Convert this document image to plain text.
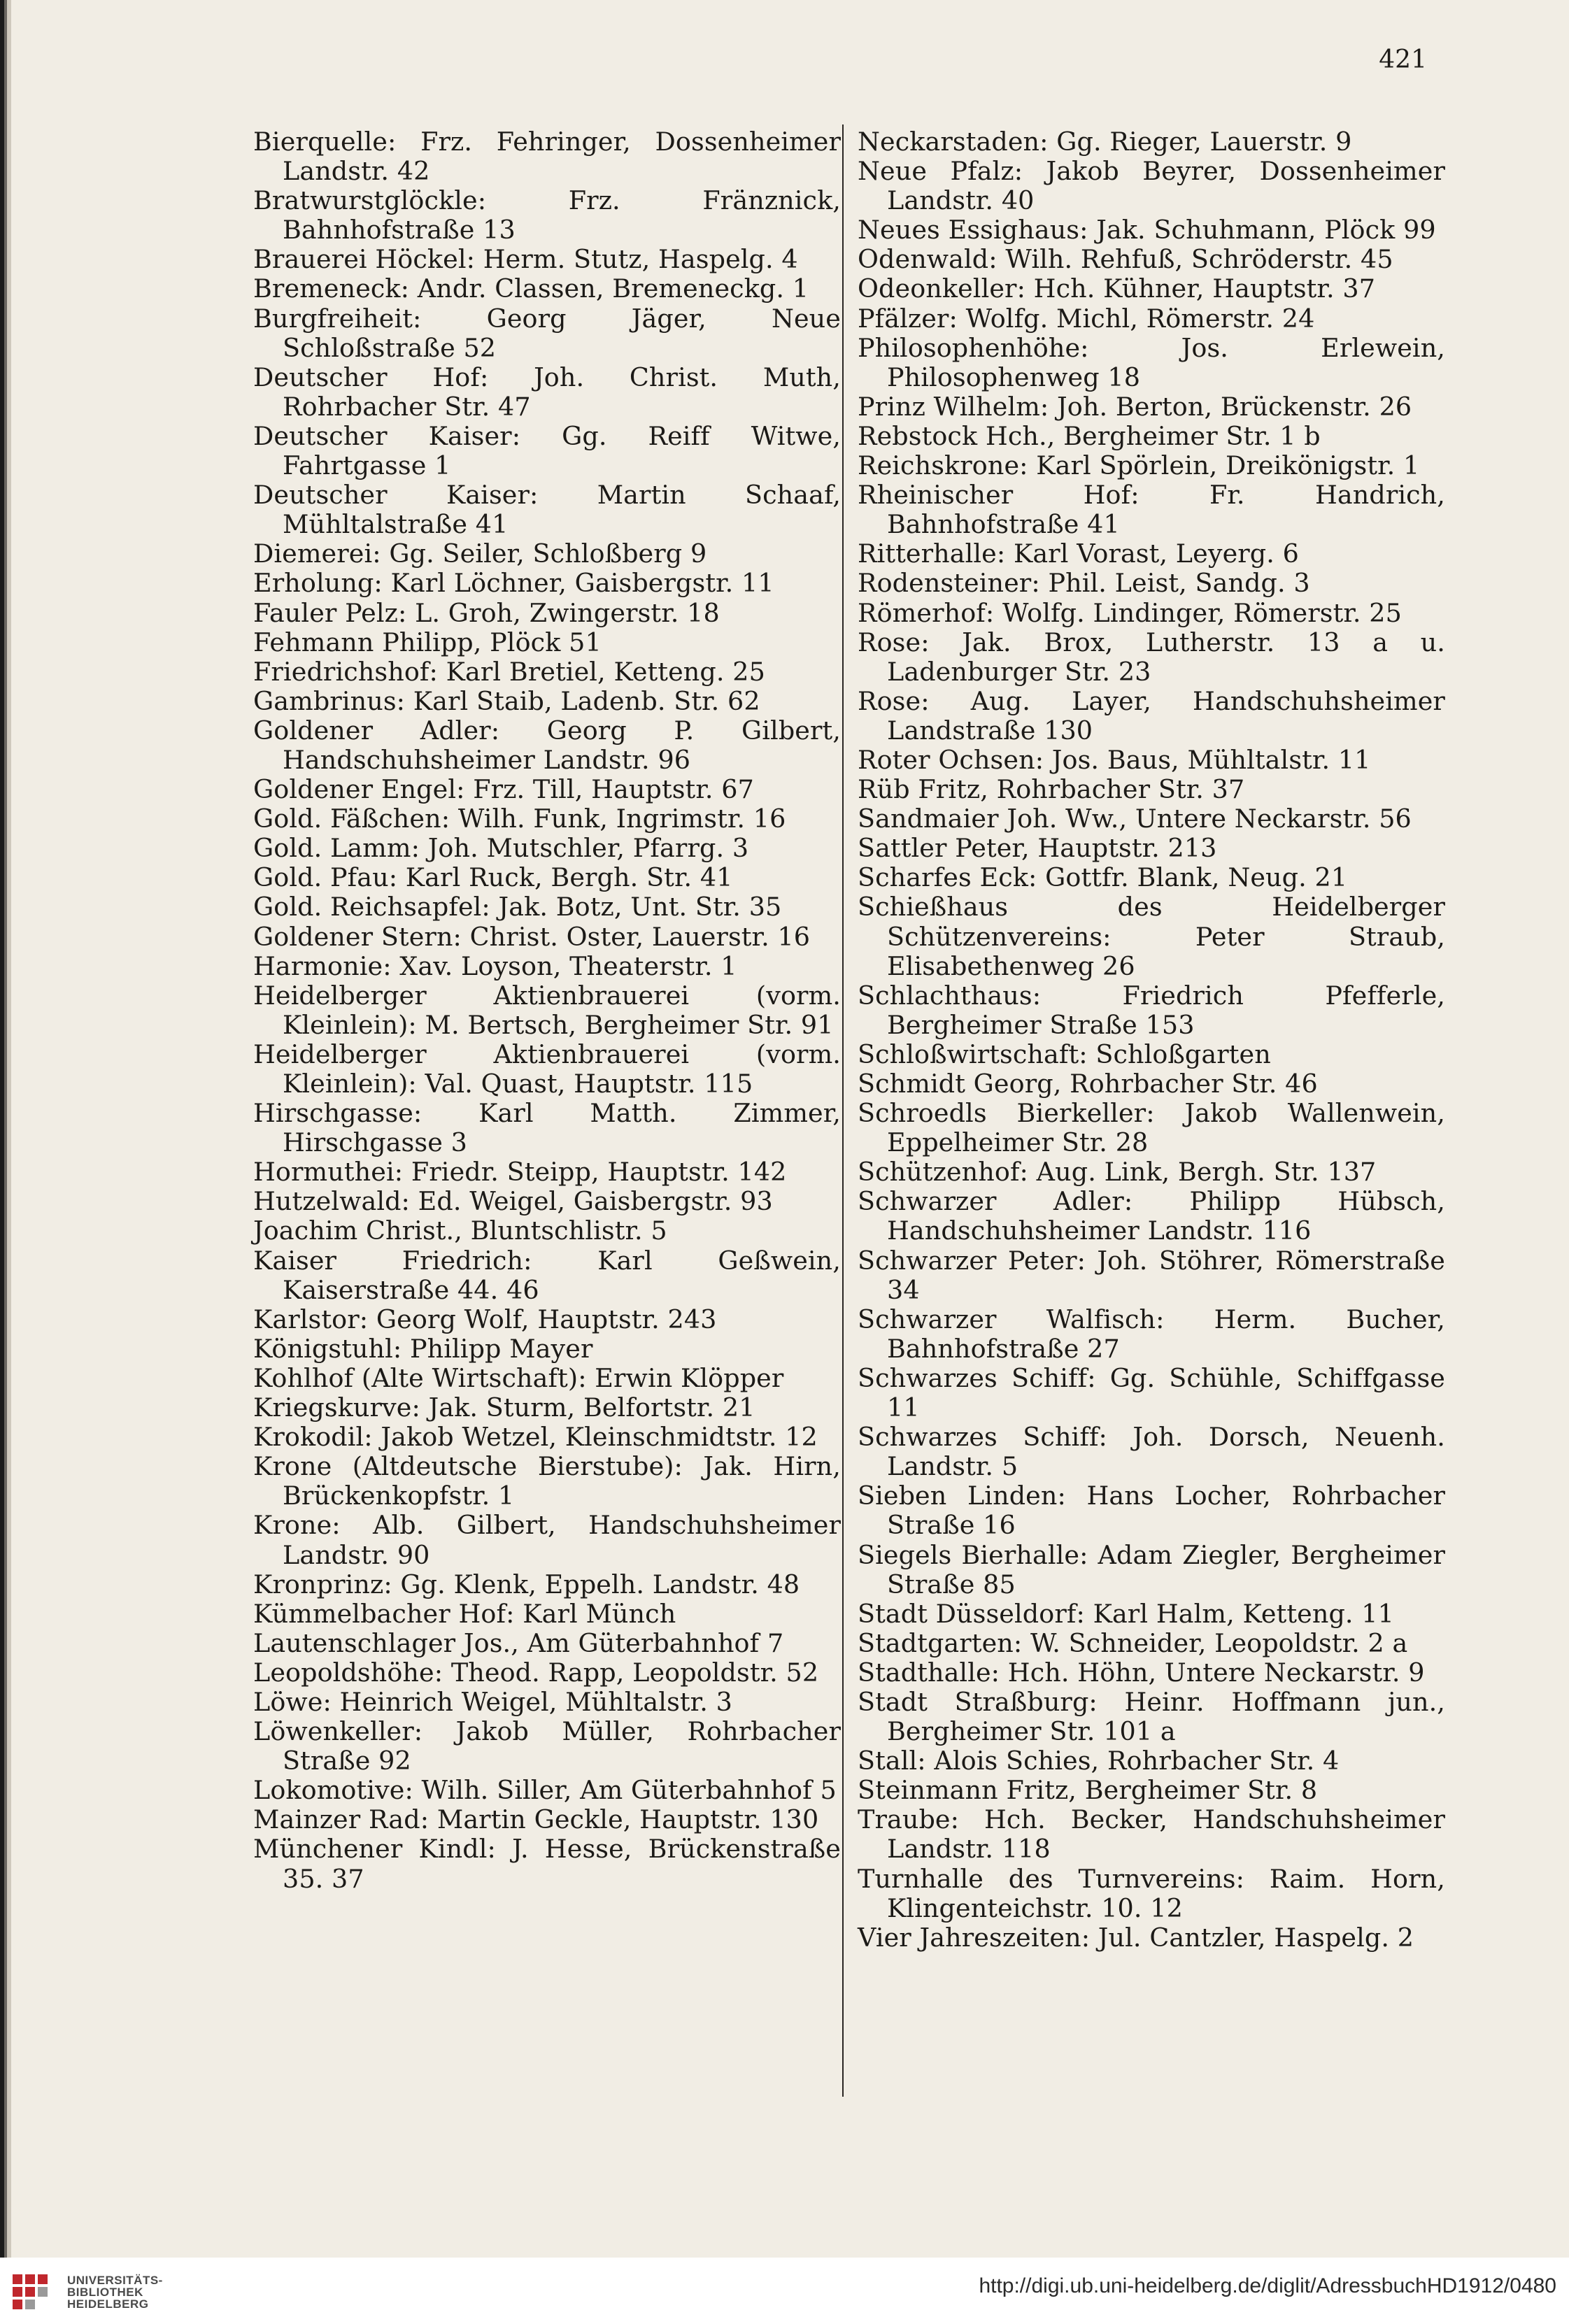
421

Bierquelle: Frz. Fehringer, Dossenheimer Landstr. 42

Bratwurstglöckle: Frz. Fränznick, Bahnhofstraße 13

Brauerei Höckel: Herm. Stutz, Haspelg. 4

Bremeneck: Andr. Classen, Bremeneckg. 1

Burgfreiheit: Georg Jäger, Neue Schloßstraße 52

Deutscher Hof: Joh. Christ. Muth, Rohrbacher Str. 47

Deutscher Kaiser: Gg. Reiff Witwe, Fahrtgasse 1

Deutscher Kaiser: Martin Schaaf, Mühltalstraße 41

Diemerei: Gg. Seiler, Schloßberg 9

Erholung: Karl Löchner, Gaisbergstr. 11

Fauler Pelz: L. Groh, Zwingerstr. 18

Fehmann Philipp, Plöck 51

Friedrichshof: Karl Bretiel, Ketteng. 25

Gambrinus: Karl Staib, Ladenb. Str. 62

Goldener Adler: Georg P. Gilbert, Handschuhsheimer Landstr. 96

Goldener Engel: Frz. Till, Hauptstr. 67

Gold. Fäßchen: Wilh. Funk, Ingrimstr. 16

Gold. Lamm: Joh. Mutschler, Pfarrg. 3

Gold. Pfau: Karl Ruck, Bergh. Str. 41

Gold. Reichsapfel: Jak. Botz, Unt. Str. 35

Goldener Stern: Christ. Oster, Lauerstr. 16

Harmonie: Xav. Loyson, Theaterstr. 1

Heidelberger Aktienbrauerei (vorm. Kleinlein): M. Bertsch, Bergheimer Str. 91

Heidelberger Aktienbrauerei (vorm. Kleinlein): Val. Quast, Hauptstr. 115

Hirschgasse: Karl Matth. Zimmer, Hirschgasse 3

Hormuthei: Friedr. Steipp, Hauptstr. 142

Hutzelwald: Ed. Weigel, Gaisbergstr. 93

Joachim Christ., Bluntschlistr. 5

Kaiser Friedrich: Karl Geßwein, Kaiserstraße 44. 46

Karlstor: Georg Wolf, Hauptstr. 243

Königstuhl: Philipp Mayer

Kohlhof (Alte Wirtschaft): Erwin Klöpper

Kriegskurve: Jak. Sturm, Belfortstr. 21

Krokodil: Jakob Wetzel, Kleinschmidtstr. 12

Krone (Altdeutsche Bierstube): Jak. Hirn, Brückenkopfstr. 1

Krone: Alb. Gilbert, Handschuhsheimer Landstr. 90

Kronprinz: Gg. Klenk, Eppelh. Landstr. 48

Kümmelbacher Hof: Karl Münch

Lautenschlager Jos., Am Güterbahnhof 7

Leopoldshöhe: Theod. Rapp, Leopoldstr. 52

Löwe: Heinrich Weigel, Mühltalstr. 3

Löwenkeller: Jakob Müller, Rohrbacher Straße 92

Lokomotive: Wilh. Siller, Am Güterbahnhof 5

Mainzer Rad: Martin Geckle, Hauptstr. 130

Münchener Kindl: J. Hesse, Brückenstraße 35. 37

Neckarstaden: Gg. Rieger, Lauerstr. 9

Neue Pfalz: Jakob Beyrer, Dossenheimer Landstr. 40

Neues Essighaus: Jak. Schuhmann, Plöck 99

Odenwald: Wilh. Rehfuß, Schröderstr. 45

Odeonkeller: Hch. Kühner, Hauptstr. 37

Pfälzer: Wolfg. Michl, Römerstr. 24

Philosophenhöhe: Jos. Erlewein, Philosophenweg 18

Prinz Wilhelm: Joh. Berton, Brückenstr. 26

Rebstock Hch., Bergheimer Str. 1 b

Reichskrone: Karl Spörlein, Dreikönigstr. 1

Rheinischer Hof: Fr. Handrich, Bahnhofstraße 41

Ritterhalle: Karl Vorast, Leyerg. 6

Rodensteiner: Phil. Leist, Sandg. 3

Römerhof: Wolfg. Lindinger, Römerstr. 25

Rose: Jak. Brox, Lutherstr. 13 a u. Ladenburger Str. 23

Rose: Aug. Layer, Handschuhsheimer Landstraße 130

Roter Ochsen: Jos. Baus, Mühltalstr. 11

Rüb Fritz, Rohrbacher Str. 37

Sandmaier Joh. Ww., Untere Neckarstr. 56

Sattler Peter, Hauptstr. 213

Scharfes Eck: Gottfr. Blank, Neug. 21

Schießhaus des Heidelberger Schützenvereins: Peter Straub, Elisabethenweg 26

Schlachthaus: Friedrich Pfefferle, Bergheimer Straße 153

Schloßwirtschaft: Schloßgarten

Schmidt Georg, Rohrbacher Str. 46

Schroedls Bierkeller: Jakob Wallenwein, Eppelheimer Str. 28

Schützenhof: Aug. Link, Bergh. Str. 137

Schwarzer Adler: Philipp Hübsch, Handschuhsheimer Landstr. 116

Schwarzer Peter: Joh. Stöhrer, Römerstraße 34

Schwarzer Walfisch: Herm. Bucher, Bahnhofstraße 27

Schwarzes Schiff: Gg. Schühle, Schiffgasse 11

Schwarzes Schiff: Joh. Dorsch, Neuenh. Landstr. 5

Sieben Linden: Hans Locher, Rohrbacher Straße 16

Siegels Bierhalle: Adam Ziegler, Bergheimer Straße 85

Stadt Düsseldorf: Karl Halm, Ketteng. 11

Stadtgarten: W. Schneider, Leopoldstr. 2 a

Stadthalle: Hch. Höhn, Untere Neckarstr. 9

Stadt Straßburg: Heinr. Hoffmann jun., Bergheimer Str. 101 a

Stall: Alois Schies, Rohrbacher Str. 4

Steinmann Fritz, Bergheimer Str. 8

Traube: Hch. Becker, Handschuhsheimer Landstr. 118

Turnhalle des Turnvereins: Raim. Horn, Klingenteichstr. 10. 12

Vier Jahreszeiten: Jul. Cantzler, Haspelg. 2

UNIVERSITÄTS-
BIBLIOTHEK
HEIDELBERG
http://digi.ub.uni-heidelberg.de/diglit/AdressbuchHD1912/0480
